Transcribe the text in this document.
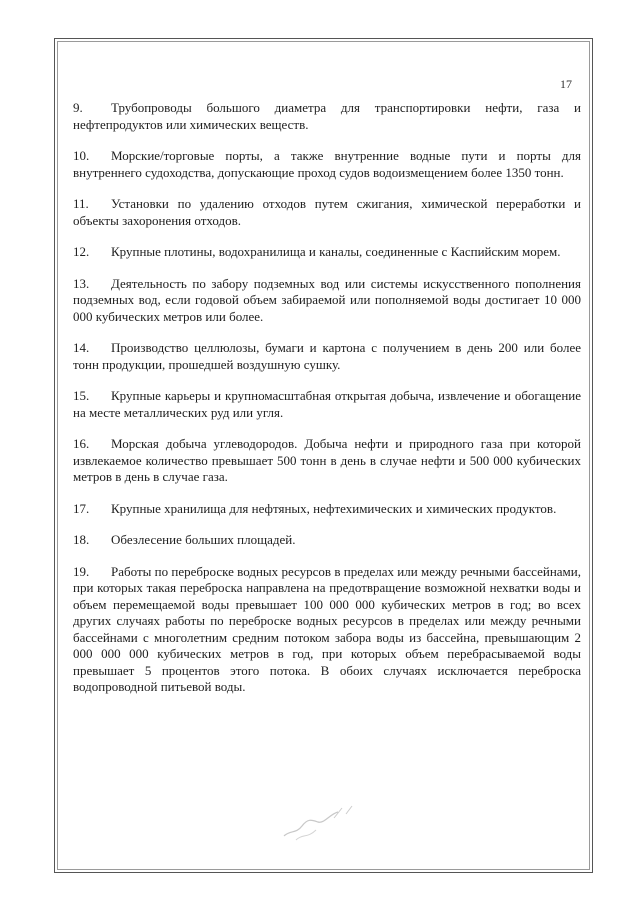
17

9. Трубопроводы большого диаметра для транспортировки нефти, газа и нефтепродуктов или химических веществ.

10. Морские/торговые порты, а также внутренние водные пути и порты для внутреннего судоходства, допускающие проход судов водоизмещением более 1350 тонн.

11. Установки по удалению отходов путем сжигания, химической переработки и объекты захоронения отходов.

12. Крупные плотины, водохранилища и каналы, соединенные с Каспийским морем.

13. Деятельность по забору подземных вод или системы искусственного пополнения подземных вод, если годовой объем забираемой или пополняемой воды достигает 10 000 000 кубических метров или более.

14. Производство целлюлозы, бумаги и картона с получением в день 200 или более тонн продукции, прошедшей воздушную сушку.

15. Крупные карьеры и крупномасштабная открытая добыча, извлечение и обогащение на месте металлических руд или угля.

16. Морская добыча углеводородов. Добыча нефти и природного газа при которой извлекаемое количество превышает 500 тонн в день в случае нефти и 500 000 кубических метров в день в случае газа.

17. Крупные хранилища для нефтяных, нефтехимических и химических продуктов.

18. Обезлесение больших площадей.

19. Работы по переброске водных ресурсов в пределах или между речными бассейнами, при которых такая переброска направлена на предотвращение возможной нехватки воды и объем перемещаемой воды превышает 100 000 000 кубических метров в год; во всех других случаях работы по переброске водных ресурсов в пределах или между речными бассейнами с многолетним средним потоком забора воды из бассейна, превышающим 2 000 000 000 кубических метров в год, при которых объем перебрасываемой воды превышает 5 процентов этого потока. В обоих случаях исключается переброска водопроводной питьевой воды.
